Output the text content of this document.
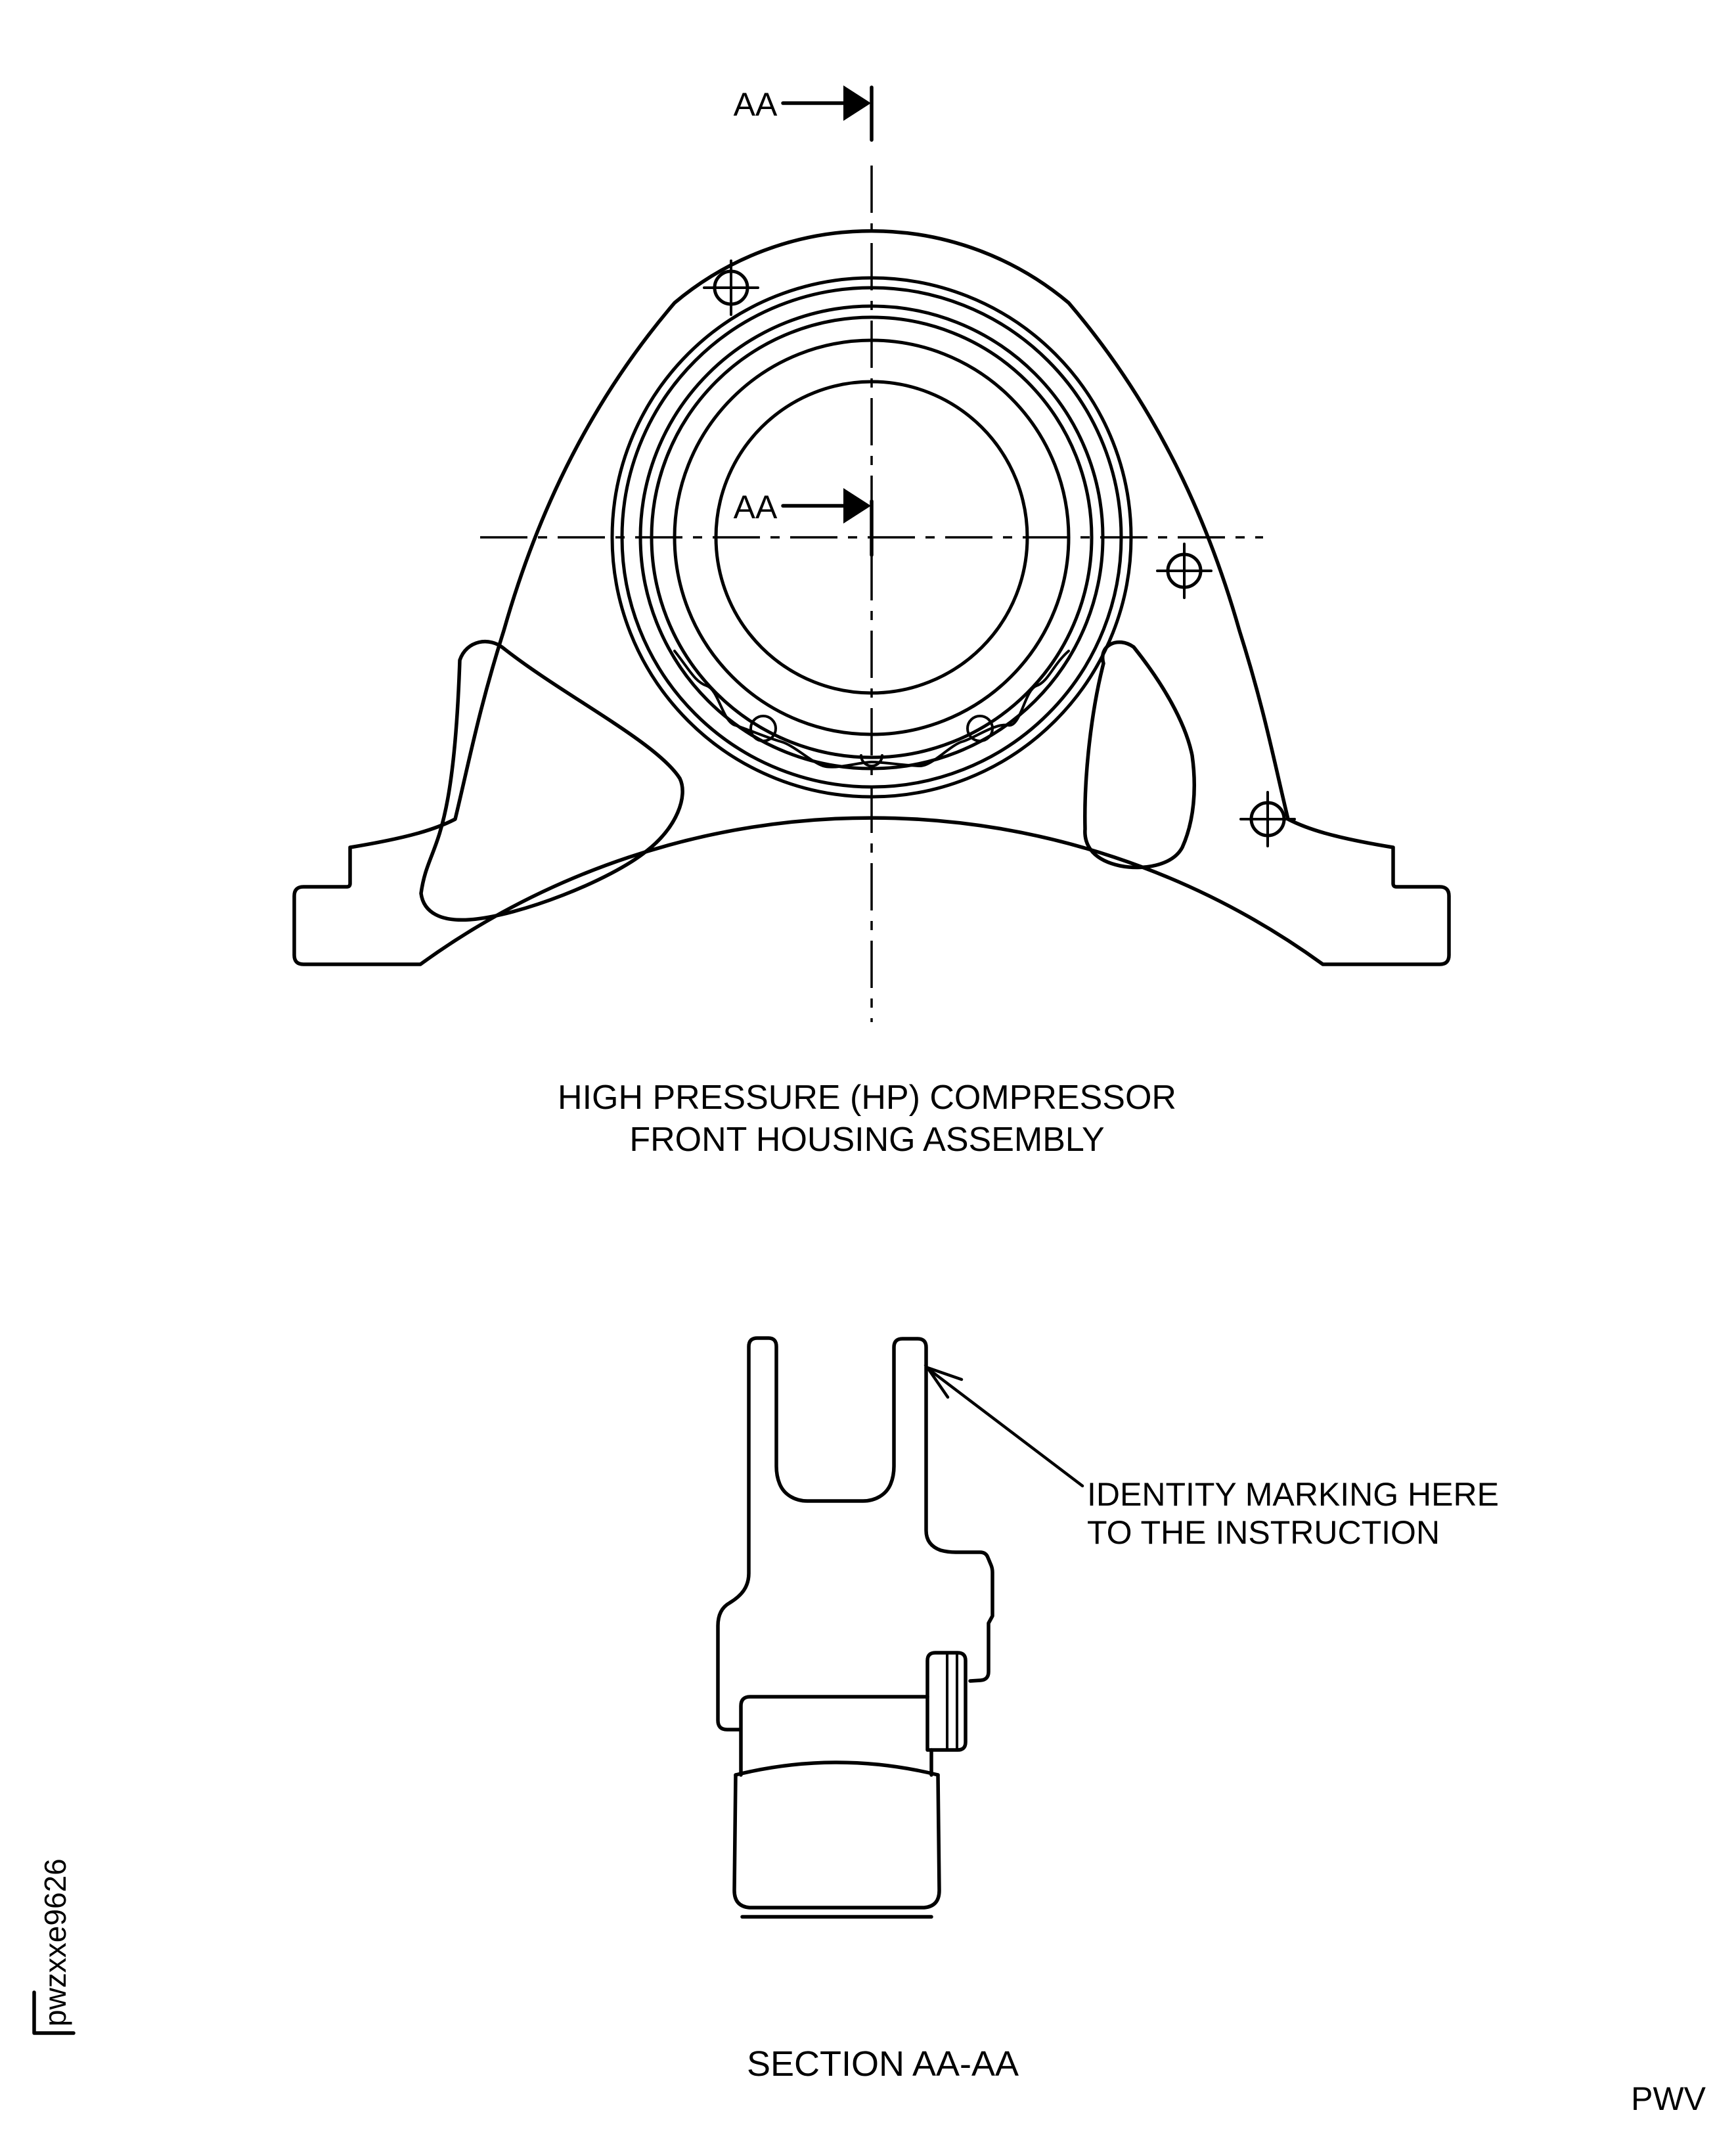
AA
AA
HIGH PRESSURE (HP) COMPRESSOR
FRONT HOUSING ASSEMBLY
IDENTITY MARKING HERE
TO THE INSTRUCTION
SECTION AA-AA
pwzxxe9626
PWV
